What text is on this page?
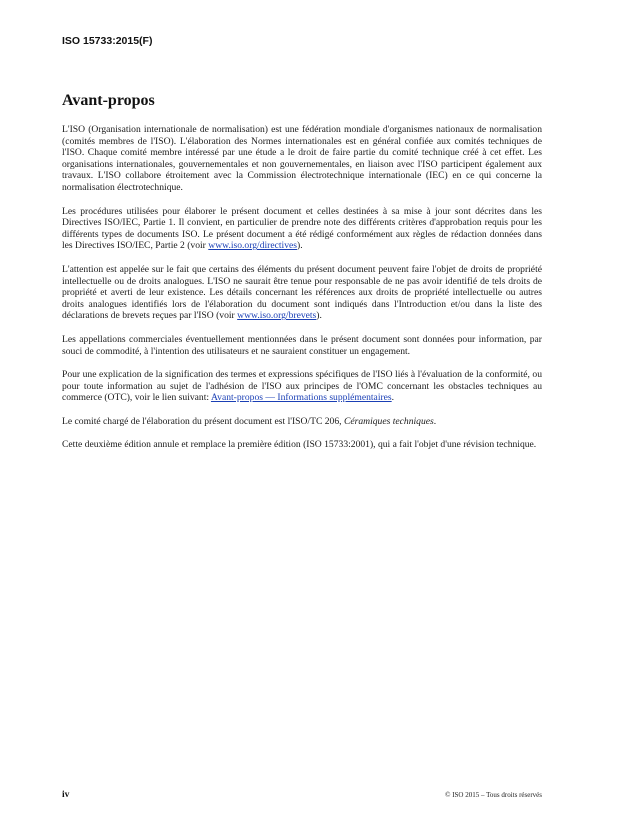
ISO 15733:2015(F)
Avant-propos

L'ISO (Organisation internationale de normalisation) est une fédération mondiale d'organismes nationaux de normalisation (comités membres de l'ISO). L'élaboration des Normes internationales est en général confiée aux comités techniques de l'ISO. Chaque comité membre intéressé par une étude a le droit de faire partie du comité technique créé à cet effet. Les organisations internationales, gouvernementales et non gouvernementales, en liaison avec l'ISO participent également aux travaux. L'ISO collabore étroitement avec la Commission électrotechnique internationale (IEC) en ce qui concerne la normalisation électrotechnique.

Les procédures utilisées pour élaborer le présent document et celles destinées à sa mise à jour sont décrites dans les Directives ISO/IEC, Partie 1. Il convient, en particulier de prendre note des différents critères d'approbation requis pour les différents types de documents ISO. Le présent document a été rédigé conformément aux règles de rédaction données dans les Directives ISO/IEC, Partie 2 (voir www.iso.org/directives).

L'attention est appelée sur le fait que certains des éléments du présent document peuvent faire l'objet de droits de propriété intellectuelle ou de droits analogues. L'ISO ne saurait être tenue pour responsable de ne pas avoir identifié de tels droits de propriété et averti de leur existence. Les détails concernant les références aux droits de propriété intellectuelle ou autres droits analogues identifiés lors de l'élaboration du document sont indiqués dans l'Introduction et/ou dans la liste des déclarations de brevets reçues par l'ISO (voir www.iso.org/brevets).

Les appellations commerciales éventuellement mentionnées dans le présent document sont données pour information, par souci de commodité, à l'intention des utilisateurs et ne sauraient constituer un engagement.

Pour une explication de la signification des termes et expressions spécifiques de l'ISO liés à l'évaluation de la conformité, ou pour toute information au sujet de l'adhésion de l'ISO aux principes de l'OMC concernant les obstacles techniques au commerce (OTC), voir le lien suivant: Avant-propos — Informations supplémentaires.

Le comité chargé de l'élaboration du présent document est l'ISO/TC 206, Céramiques techniques.

Cette deuxième édition annule et remplace la première édition (ISO 15733:2001), qui a fait l'objet d'une révision technique.

iv	© ISO 2015 – Tous droits réservés
